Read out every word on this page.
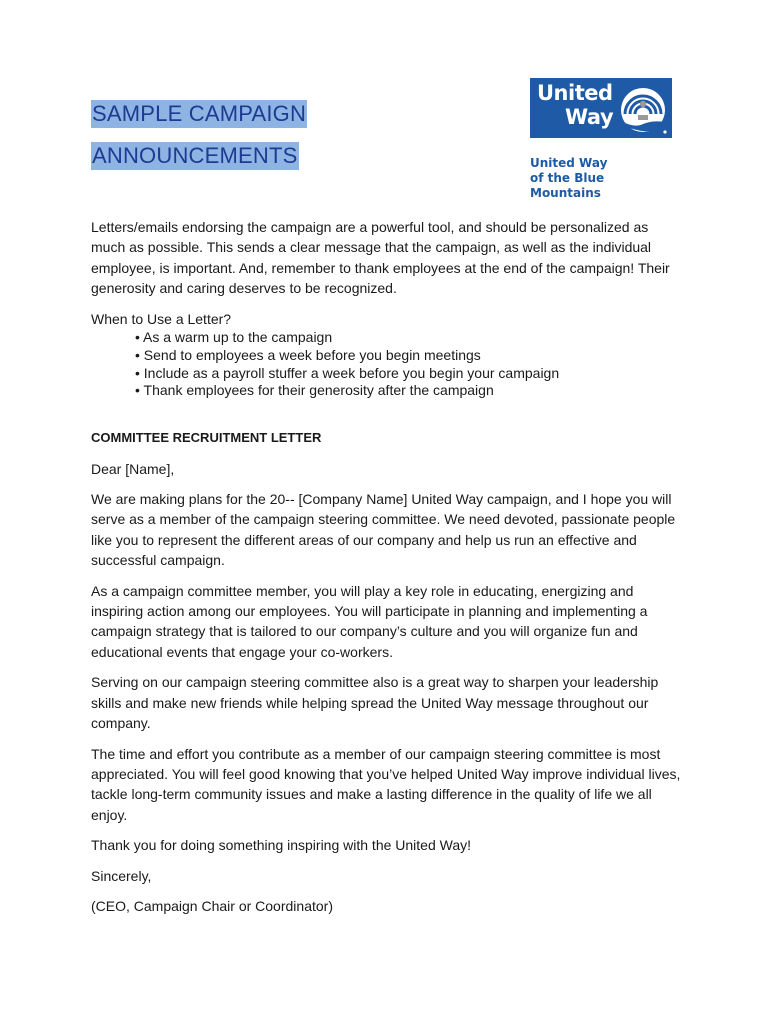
SAMPLE CAMPAIGN
ANNOUNCEMENTS
United
Way
United Way
of the Blue Mountains

Letters/emails endorsing the campaign are a powerful tool, and should be personalized as much as possible. This sends a clear message that the campaign, as well as the individual employee, is important. And, remember to thank employees at the end of the campaign! Their generosity and caring deserves to be recognized.

When to Use a Letter?

• As a warm up to the campaign
• Send to employees a week before you begin meetings
• Include as a payroll stuffer a week before you begin your campaign
• Thank employees for their generosity after the campaign

COMMITTEE RECRUITMENT LETTER

Dear [Name],

We are making plans for the 20-- [Company Name] United Way campaign, and I hope you will serve as a member of the campaign steering committee. We need devoted, passionate people like you to represent the different areas of our company and help us run an effective and successful campaign.

As a campaign committee member, you will play a key role in educating, energizing and inspiring action among our employees. You will participate in planning and implementing a campaign strategy that is tailored to our company’s culture and you will organize fun and educational events that engage your co-workers.

Serving on our campaign steering committee also is a great way to sharpen your leadership skills and make new friends while helping spread the United Way message throughout our company.

The time and effort you contribute as a member of our campaign steering committee is most appreciated. You will feel good knowing that you’ve helped United Way improve individual lives, tackle long-term community issues and make a lasting difference in the quality of life we all enjoy.

Thank you for doing something inspiring with the United Way!

Sincerely,

(CEO, Campaign Chair or Coordinator)
